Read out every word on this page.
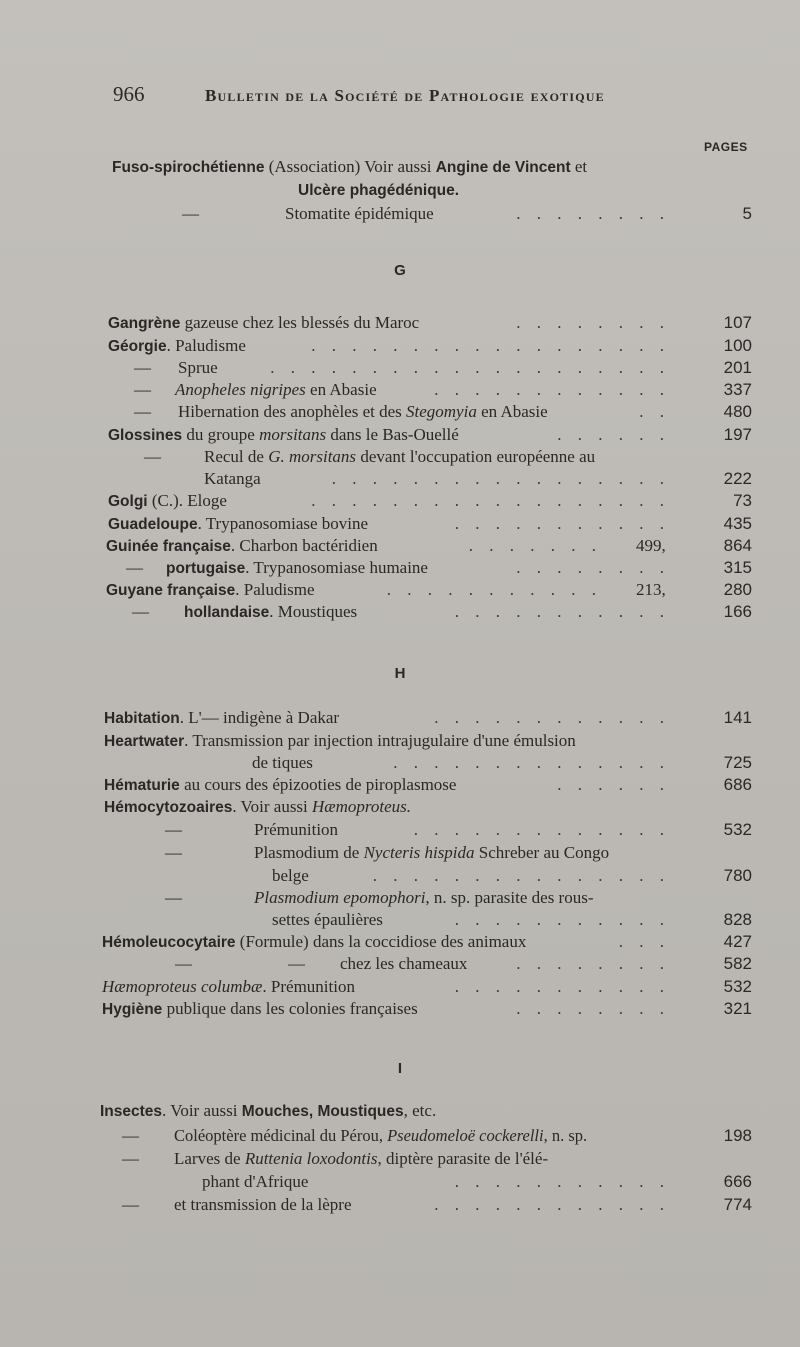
966	Bulletin de la Société de Pathologie exotique
PAGES
Fuso-spirochétienne (Association) Voir aussi Angine de Vincent et
Ulcère phagédénique.
—	Stomatite épidémique	. . . . . . . .	5
G
Gangrène gazeuse chez les blessés du Maroc	. . . . . . . .	107
Géorgie. Paludisme	. . . . . . . . . . . . . . . . . .	100
— Sprue	. . . . . . . . . . . . . . . . . . . .	201
— Anopheles nigripes en Abasie	. . . . . . . . . . . .	337
— Hibernation des anophèles et des Stegomyia en Abasie	. .	480
Glossines du groupe morsitans dans le Bas-Ouellé	. . . . . .	197
—	Recul de G. morsitans devant l'occupation européenne au
Katanga	. . . . . . . . . . . . . . . . .	222
Golgi (C.). Eloge	. . . . . . . . . . . . . . . . . .	73
Guadeloupe. Trypanosomiase bovine	. . . . . . . . . . .	435
Guinée française. Charbon bactéridien	. . . . . . . 499,	864
— portugaise. Trypanosomiase humaine	. . . . . . . .	315
Guyane française. Paludisme	. . . . . . . . . . . 213,	280
— hollandaise. Moustiques	. . . . . . . . . . .	166
H
Habitation. L'— indigène à Dakar	. . . . . . . . . . . .	141
Heartwater. Transmission par injection intrajugulaire d'une émulsion
de tiques	. . . . . . . . . . . . . .	725
Hématurie au cours des épizooties de piroplasmose	. . . . . .	686
Hémocytozoaires. Voir aussi Hæmoproteus.
—	Prémunition	. . . . . . . . . . . . .	532
—	Plasmodium de Nycteris hispida Schreber au Congo
belge	. . . . . . . . . . . . . . .	780
—	Plasmodium epomophori, n. sp. parasite des rous-
settes épaulières	. . . . . . . . . . .	828
Hémoleucocytaire (Formule) dans la coccidiose des animaux	. . .	427
—	— chez les chameaux	. . . . . . . .	582
Hæmoproteus columbæ. Prémunition	. . . . . . . . . . .	532
Hygiène publique dans les colonies françaises	. . . . . . . .	321
I
Insectes. Voir aussi Mouches, Moustiques, etc.
— Coléoptère médicinal du Pérou, Pseudomeloë cockerelli, n. sp.	198
— Larves de Ruttenia loxodontis, diptère parasite de l'élé-
phant d'Afrique	. . . . . . . . . . .	666
— et transmission de la lèpre	. . . . . . . . . . . .	774
